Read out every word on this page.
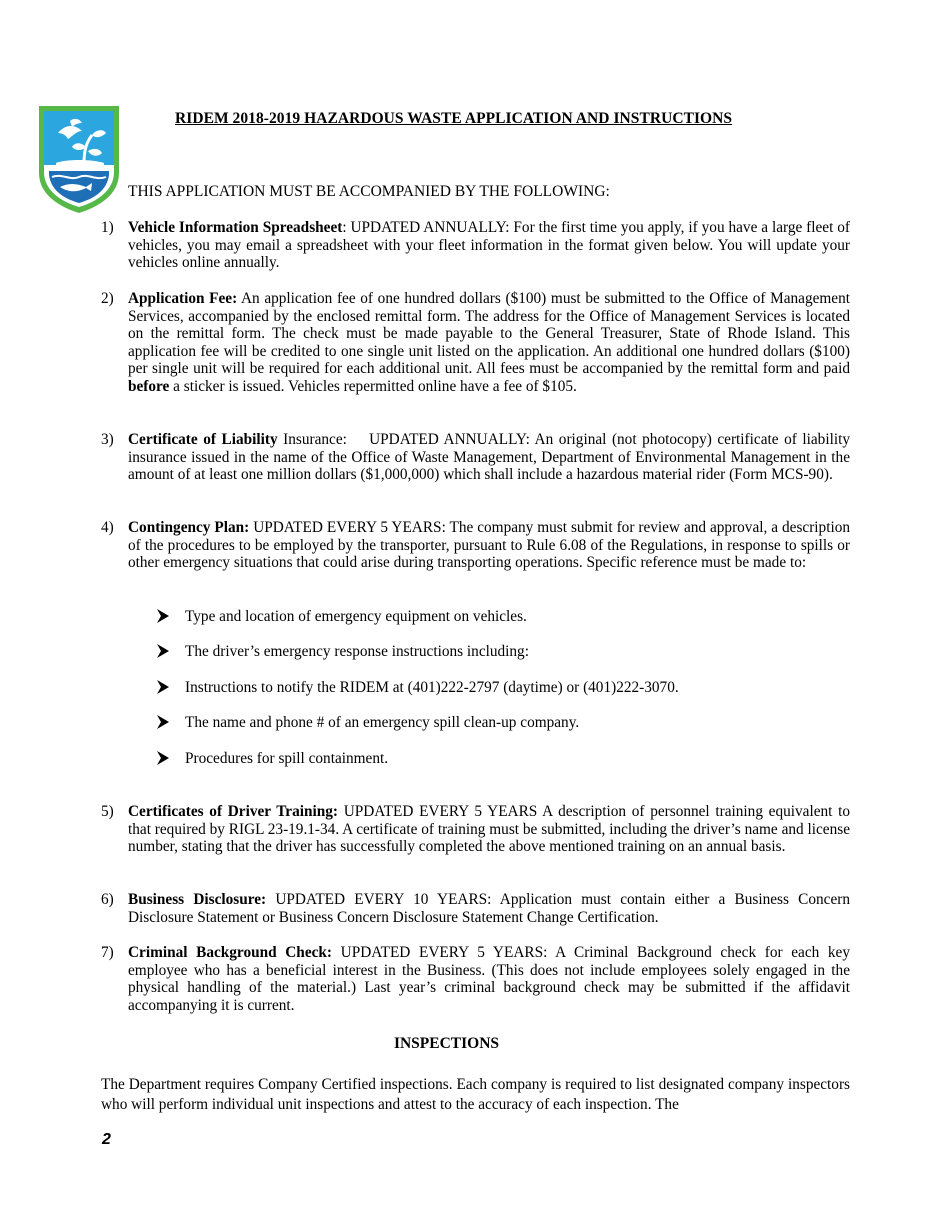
RIDEM 2018-2019 HAZARDOUS WASTE APPLICATION AND INSTRUCTIONS
THIS APPLICATION MUST BE ACCOMPANIED BY THE FOLLOWING:
1) Vehicle Information Spreadsheet: UPDATED ANNUALLY: For the first time you apply, if you have a large fleet of vehicles, you may email a spreadsheet with your fleet information in the format given below. You will update your vehicles online annually.
2) Application Fee: An application fee of one hundred dollars ($100) must be submitted to the Office of Management Services, accompanied by the enclosed remittal form. The address for the Office of Management Services is located on the remittal form. The check must be made payable to the General Treasurer, State of Rhode Island. This application fee will be credited to one single unit listed on the application. An additional one hundred dollars ($100) per single unit will be required for each additional unit. All fees must be accompanied by the remittal form and paid before a sticker is issued. Vehicles repermitted online have a fee of $105.
3) Certificate of Liability Insurance:    UPDATED ANNUALLY: An original (not photocopy) certificate of liability insurance issued in the name of the Office of Waste Management, Department of Environmental Management in the amount of at least one million dollars ($1,000,000) which shall include a hazardous material rider (Form MCS-90).
4) Contingency Plan: UPDATED EVERY 5 YEARS: The company must submit for review and approval, a description of the procedures to be employed by the transporter, pursuant to Rule 6.08 of the Regulations, in response to spills or other emergency situations that could arise during transporting operations. Specific reference must be made to:
Type and location of emergency equipment on vehicles.
The driver’s emergency response instructions including:
Instructions to notify the RIDEM at (401)222-2797 (daytime) or (401)222-3070.
The name and phone # of an emergency spill clean-up company.
Procedures for spill containment.
5) Certificates of Driver Training: UPDATED EVERY 5 YEARS A description of personnel training equivalent to that required by RIGL 23-19.1-34. A certificate of training must be submitted, including the driver’s name and license number, stating that the driver has successfully completed the above mentioned training on an annual basis.
6) Business Disclosure: UPDATED EVERY 10 YEARS: Application must contain either a Business Concern Disclosure Statement or Business Concern Disclosure Statement Change Certification.
7) Criminal Background Check: UPDATED EVERY 5 YEARS: A Criminal Background check for each key employee who has a beneficial interest in the Business. (This does not include employees solely engaged in the physical handling of the material.) Last year’s criminal background check may be submitted if the affidavit accompanying it is current.
INSPECTIONS
The Department requires Company Certified inspections. Each company is required to list designated company inspectors who will perform individual unit inspections and attest to the accuracy of each inspection. The
2
